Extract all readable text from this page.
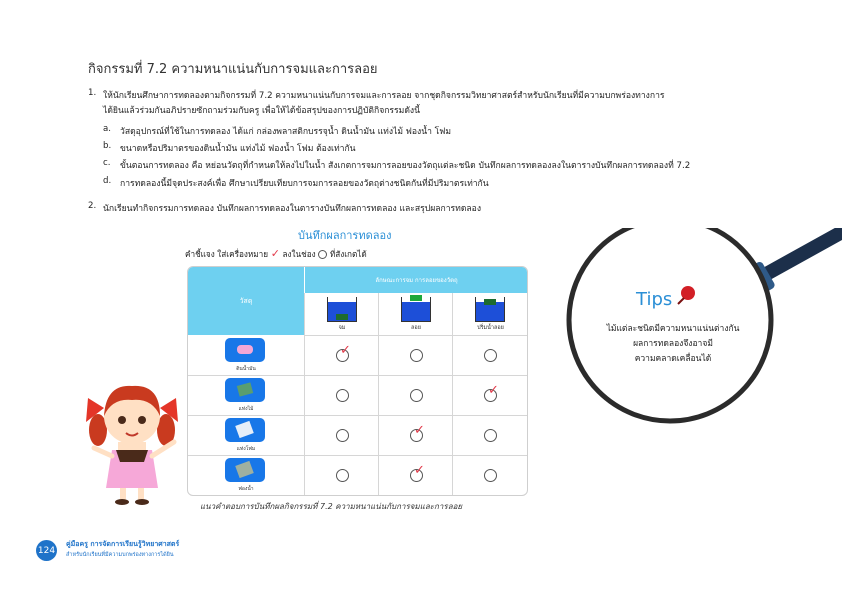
กิจกรรมที่ 7.2 ความหนาแน่นกับการจมและการลอย
1. ให้นักเรียนศึกษาการทดลองตามกิจกรรมที่ 7.2 ความหนาแน่นกับการจมและการลอย จากชุดกิจกรรมวิทยาศาสตร์สำหรับนักเรียนที่มีความบกพร่องทางการ
ได้ยินแล้วร่วมกันอภิปรายซักถามร่วมกับครู เพื่อให้ได้ข้อสรุปของการปฏิบัติกิจกรรมดังนี้
a. วัสดุอุปกรณ์ที่ใช้ในการทดลอง ได้แก่ กล่องพลาสติกบรรจุน้ำ ดินน้ำมัน แท่งไม้ ฟองน้ำ โฟม
b. ขนาดหรือปริมาตรของดินน้ำมัน แท่งไม้ ฟองน้ำ โฟม ต้องเท่ากัน
c. ขั้นตอนการทดลอง คือ หย่อนวัตถุที่กำหนดให้ลงไปในน้ำ สังเกตการจมการลอยของวัตถุแต่ละชนิด บันทึกผลการทดลองลงในตารางบันทึกผลการทดลองที่ 7.2
d. การทดลองนี้มีจุดประสงค์เพื่อ ศึกษาเปรียบเทียบการจมการลอยของวัตถุต่างชนิดกันที่มีปริมาตรเท่ากัน
2. นักเรียนทำกิจกรรมการทดลอง บันทึกผลการทดลองในตารางบันทึกผลการทดลอง และสรุปผลการทดลอง
บันทึกผลการทดลอง
คำชี้แจง ใส่เครื่องหมาย ✓ ลงในช่อง ที่สังเกตได้
วัสดุ
ลักษณะการจม การลอยของวัตถุ
จม	ลอย	ปริ่มน้ำลอย
ดินน้ำมัน
✓
แท่งไม้
✓
แท่งโฟม
✓
ฟองน้ำ
✓
แนวคำตอบการบันทึกผลกิจกรรมที่ 7.2 ความหนาแน่นกับการจมและการลอย
Tips
ไม้แต่ละชนิดมีความหนาแน่นต่างกัน
ผลการทดลองจึงอาจมี
ความคลาดเคลื่อนได้
124
คู่มือครู การจัดการเรียนรู้วิทยาศาสตร์
สำหรับนักเรียนที่มีความบกพร่องทางการได้ยิน
